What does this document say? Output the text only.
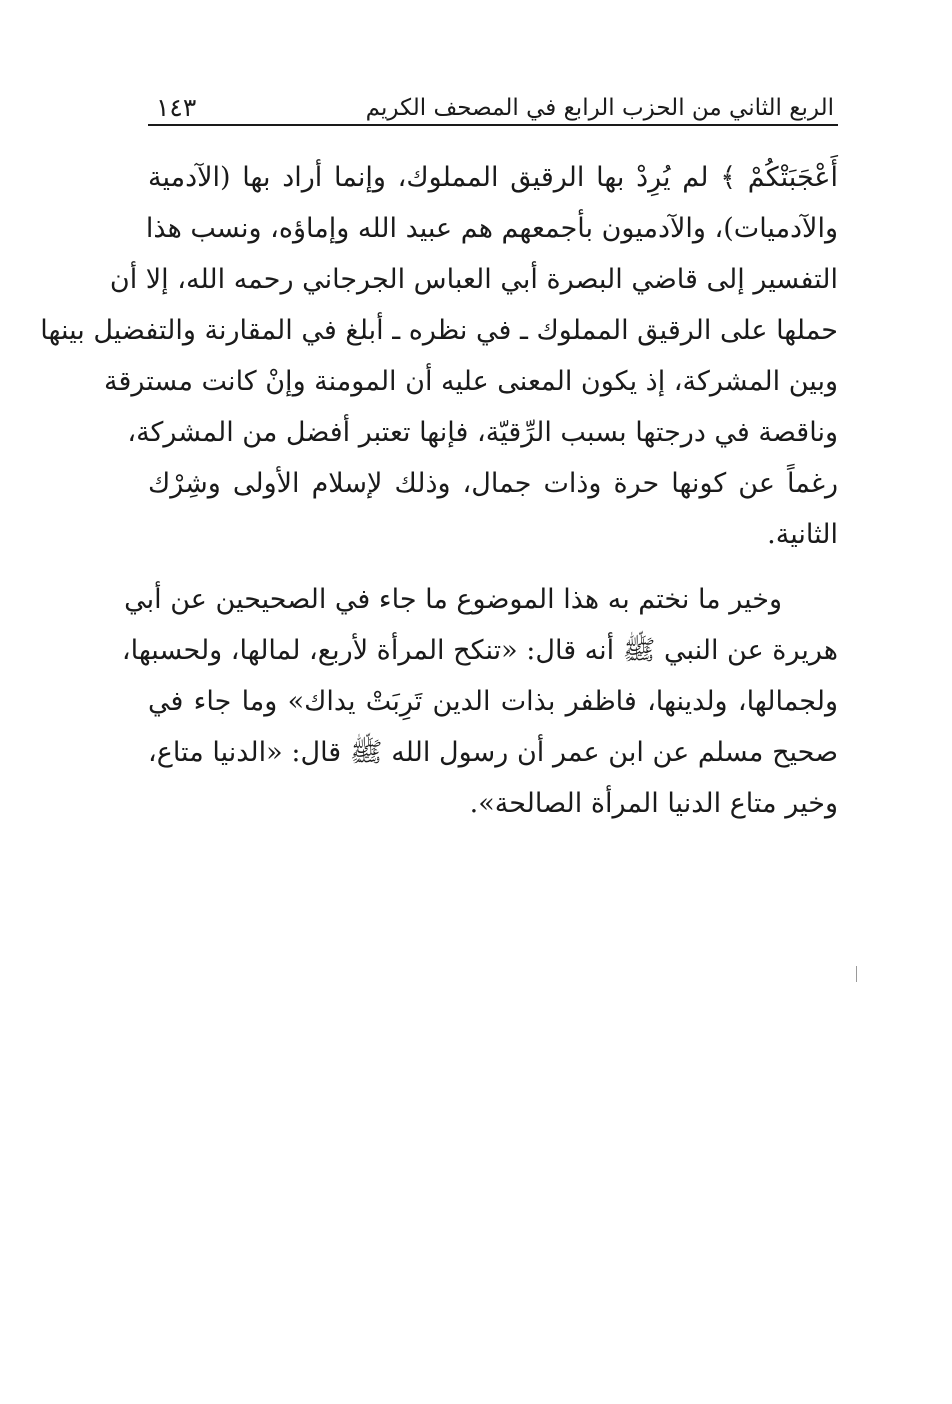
الربع الثاني من الحزب الرابع في المصحف الكريم
١٤٣
أَعْجَبَتْكُمْ ﴾ لم يُرِدْ بها الرقيق المملوك، وإنما أراد بها (الآدمية
والآدميات)، والآدميون بأجمعهم هم عبيد الله وإماؤه، ونسب هذا
التفسير إلى قاضي البصرة أبي العباس الجرجاني رحمه الله، إلا أن
حملها على الرقيق المملوك ـ في نظره ـ أبلغ في المقارنة والتفضيل بينها
وبين المشركة، إذ يكون المعنى عليه أن المومنة وإنْ كانت مسترقة
وناقصة في درجتها بسبب الرِّقيّة، فإنها تعتبر أفضل من المشركة،
رغماً عن كونها حرة وذات جمال، وذلك لإسلام الأولى وشِرْك
الثانية.
وخير ما نختم به هذا الموضوع ما جاء في الصحيحين عن أبي
هريرة عن النبي ﷺ أنه قال: «تنكح المرأة لأربع، لمالها، ولحسبها،
ولجمالها، ولدينها، فاظفر بذات الدين تَرِبَتْ يداك» وما جاء في
صحيح مسلم عن ابن عمر أن رسول الله ﷺ قال: «الدنيا متاع،
وخير متاع الدنيا المرأة الصالحة».
